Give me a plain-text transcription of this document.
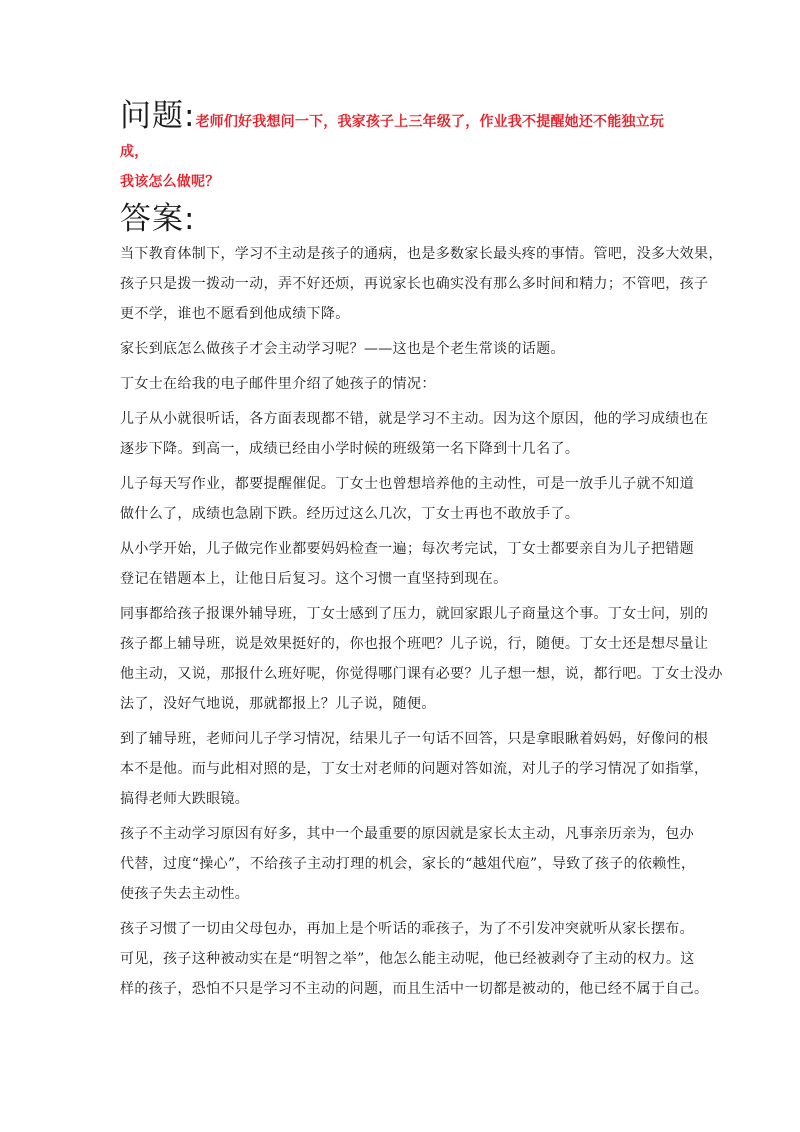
问题:老师们好我想问一下，我家孩子上三年级了，作业我不提醒她还不能独立玩成，
我该怎么做呢？
答案:
当下教育体制下，学习不主动是孩子的通病，也是多数家长最头疼的事情。管吧，没多大效果，
孩子只是拨一拨动一动，弄不好还烦，再说家长也确实没有那么多时间和精力；不管吧，孩子
更不学，谁也不愿看到他成绩下降。
家长到底怎么做孩子才会主动学习呢？——这也是个老生常谈的话题。
丁女士在给我的电子邮件里介绍了她孩子的情况：
儿子从小就很听话，各方面表现都不错，就是学习不主动。因为这个原因，他的学习成绩也在
逐步下降。到高一，成绩已经由小学时候的班级第一名下降到十几名了。
儿子每天写作业，都要提醒催促。丁女士也曾想培养他的主动性，可是一放手儿子就不知道
做什么了，成绩也急剧下跌。经历过这么几次，丁女士再也不敢放手了。
从小学开始，儿子做完作业都要妈妈检查一遍；每次考完试，丁女士都要亲自为儿子把错题
登记在错题本上，让他日后复习。这个习惯一直坚持到现在。
同事都给孩子报课外辅导班，丁女士感到了压力，就回家跟儿子商量这个事。丁女士问，别的
孩子都上辅导班，说是效果挺好的，你也报个班吧？儿子说，行，随便。丁女士还是想尽量让
他主动，又说，那报什么班好呢，你觉得哪门课有必要？儿子想一想，说，都行吧。丁女士没办
法了，没好气地说，那就都报上？儿子说，随便。
到了辅导班，老师问儿子学习情况，结果儿子一句话不回答，只是拿眼瞅着妈妈，好像问的根
本不是他。而与此相对照的是，丁女士对老师的问题对答如流，对儿子的学习情况了如指掌，
搞得老师大跌眼镜。
孩子不主动学习原因有好多，其中一个最重要的原因就是家长太主动，凡事亲历亲为，包办
代替，过度“操心”，不给孩子主动打理的机会，家长的“越俎代庖”，导致了孩子的依赖性，
使孩子失去主动性。
孩子习惯了一切由父母包办，再加上是个听话的乖孩子，为了不引发冲突就听从家长摆布。
可见，孩子这种被动实在是“明智之举”，他怎么能主动呢，他已经被剥夺了主动的权力。这
样的孩子，恐怕不只是学习不主动的问题，而且生活中一切都是被动的，他已经不属于自己。
